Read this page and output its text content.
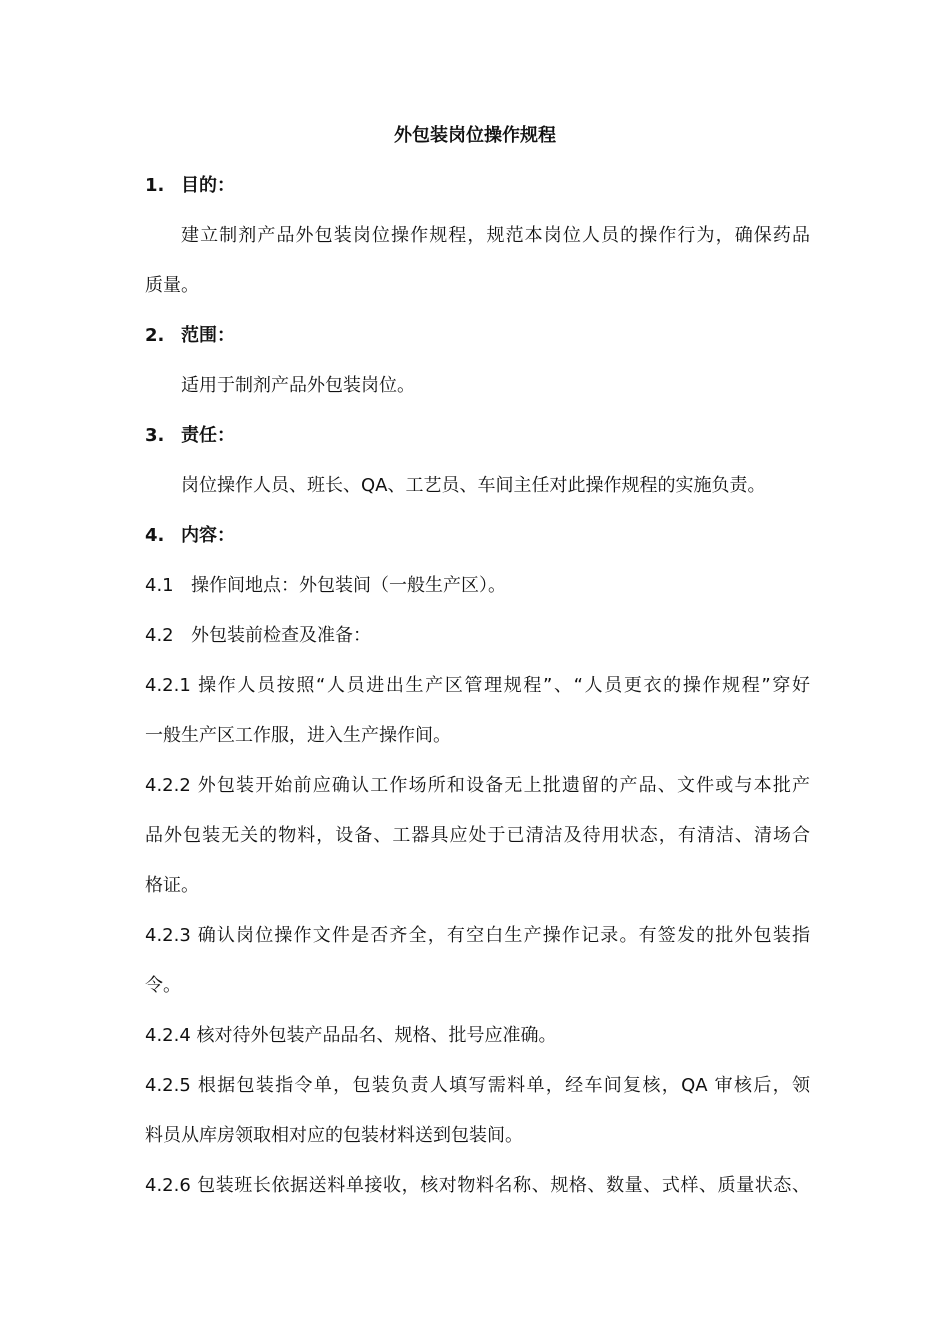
外包装岗位操作规程
1. 目的：
建立制剂产品外包装岗位操作规程，规范本岗位人员的操作行为，确保药品
质量。
2. 范围：
适用于制剂产品外包装岗位。
3. 责任：
岗位操作人员、班长、QA、工艺员、车间主任对此操作规程的实施负责。
4. 内容：
4.1 操作间地点：外包装间（一般生产区）。
4.2 外包装前检查及准备：
4.2.1 操作人员按照“人员进出生产区管理规程”、“人员更衣的操作规程”穿好
一般生产区工作服，进入生产操作间。
4.2.2 外包装开始前应确认工作场所和设备无上批遗留的产品、文件或与本批产
品外包装无关的物料，设备、工器具应处于已清洁及待用状态，有清洁、清场合
格证。
4.2.3 确认岗位操作文件是否齐全，有空白生产操作记录。有签发的批外包装指
令。
4.2.4 核对待外包装产品品名、规格、批号应准确。
4.2.5 根据包装指令单，包装负责人填写需料单，经车间复核，QA 审核后，领
料员从库房领取相对应的包装材料送到包装间。
4.2.6 包装班长依据送料单接收，核对物料名称、规格、数量、式样、质量状态、
